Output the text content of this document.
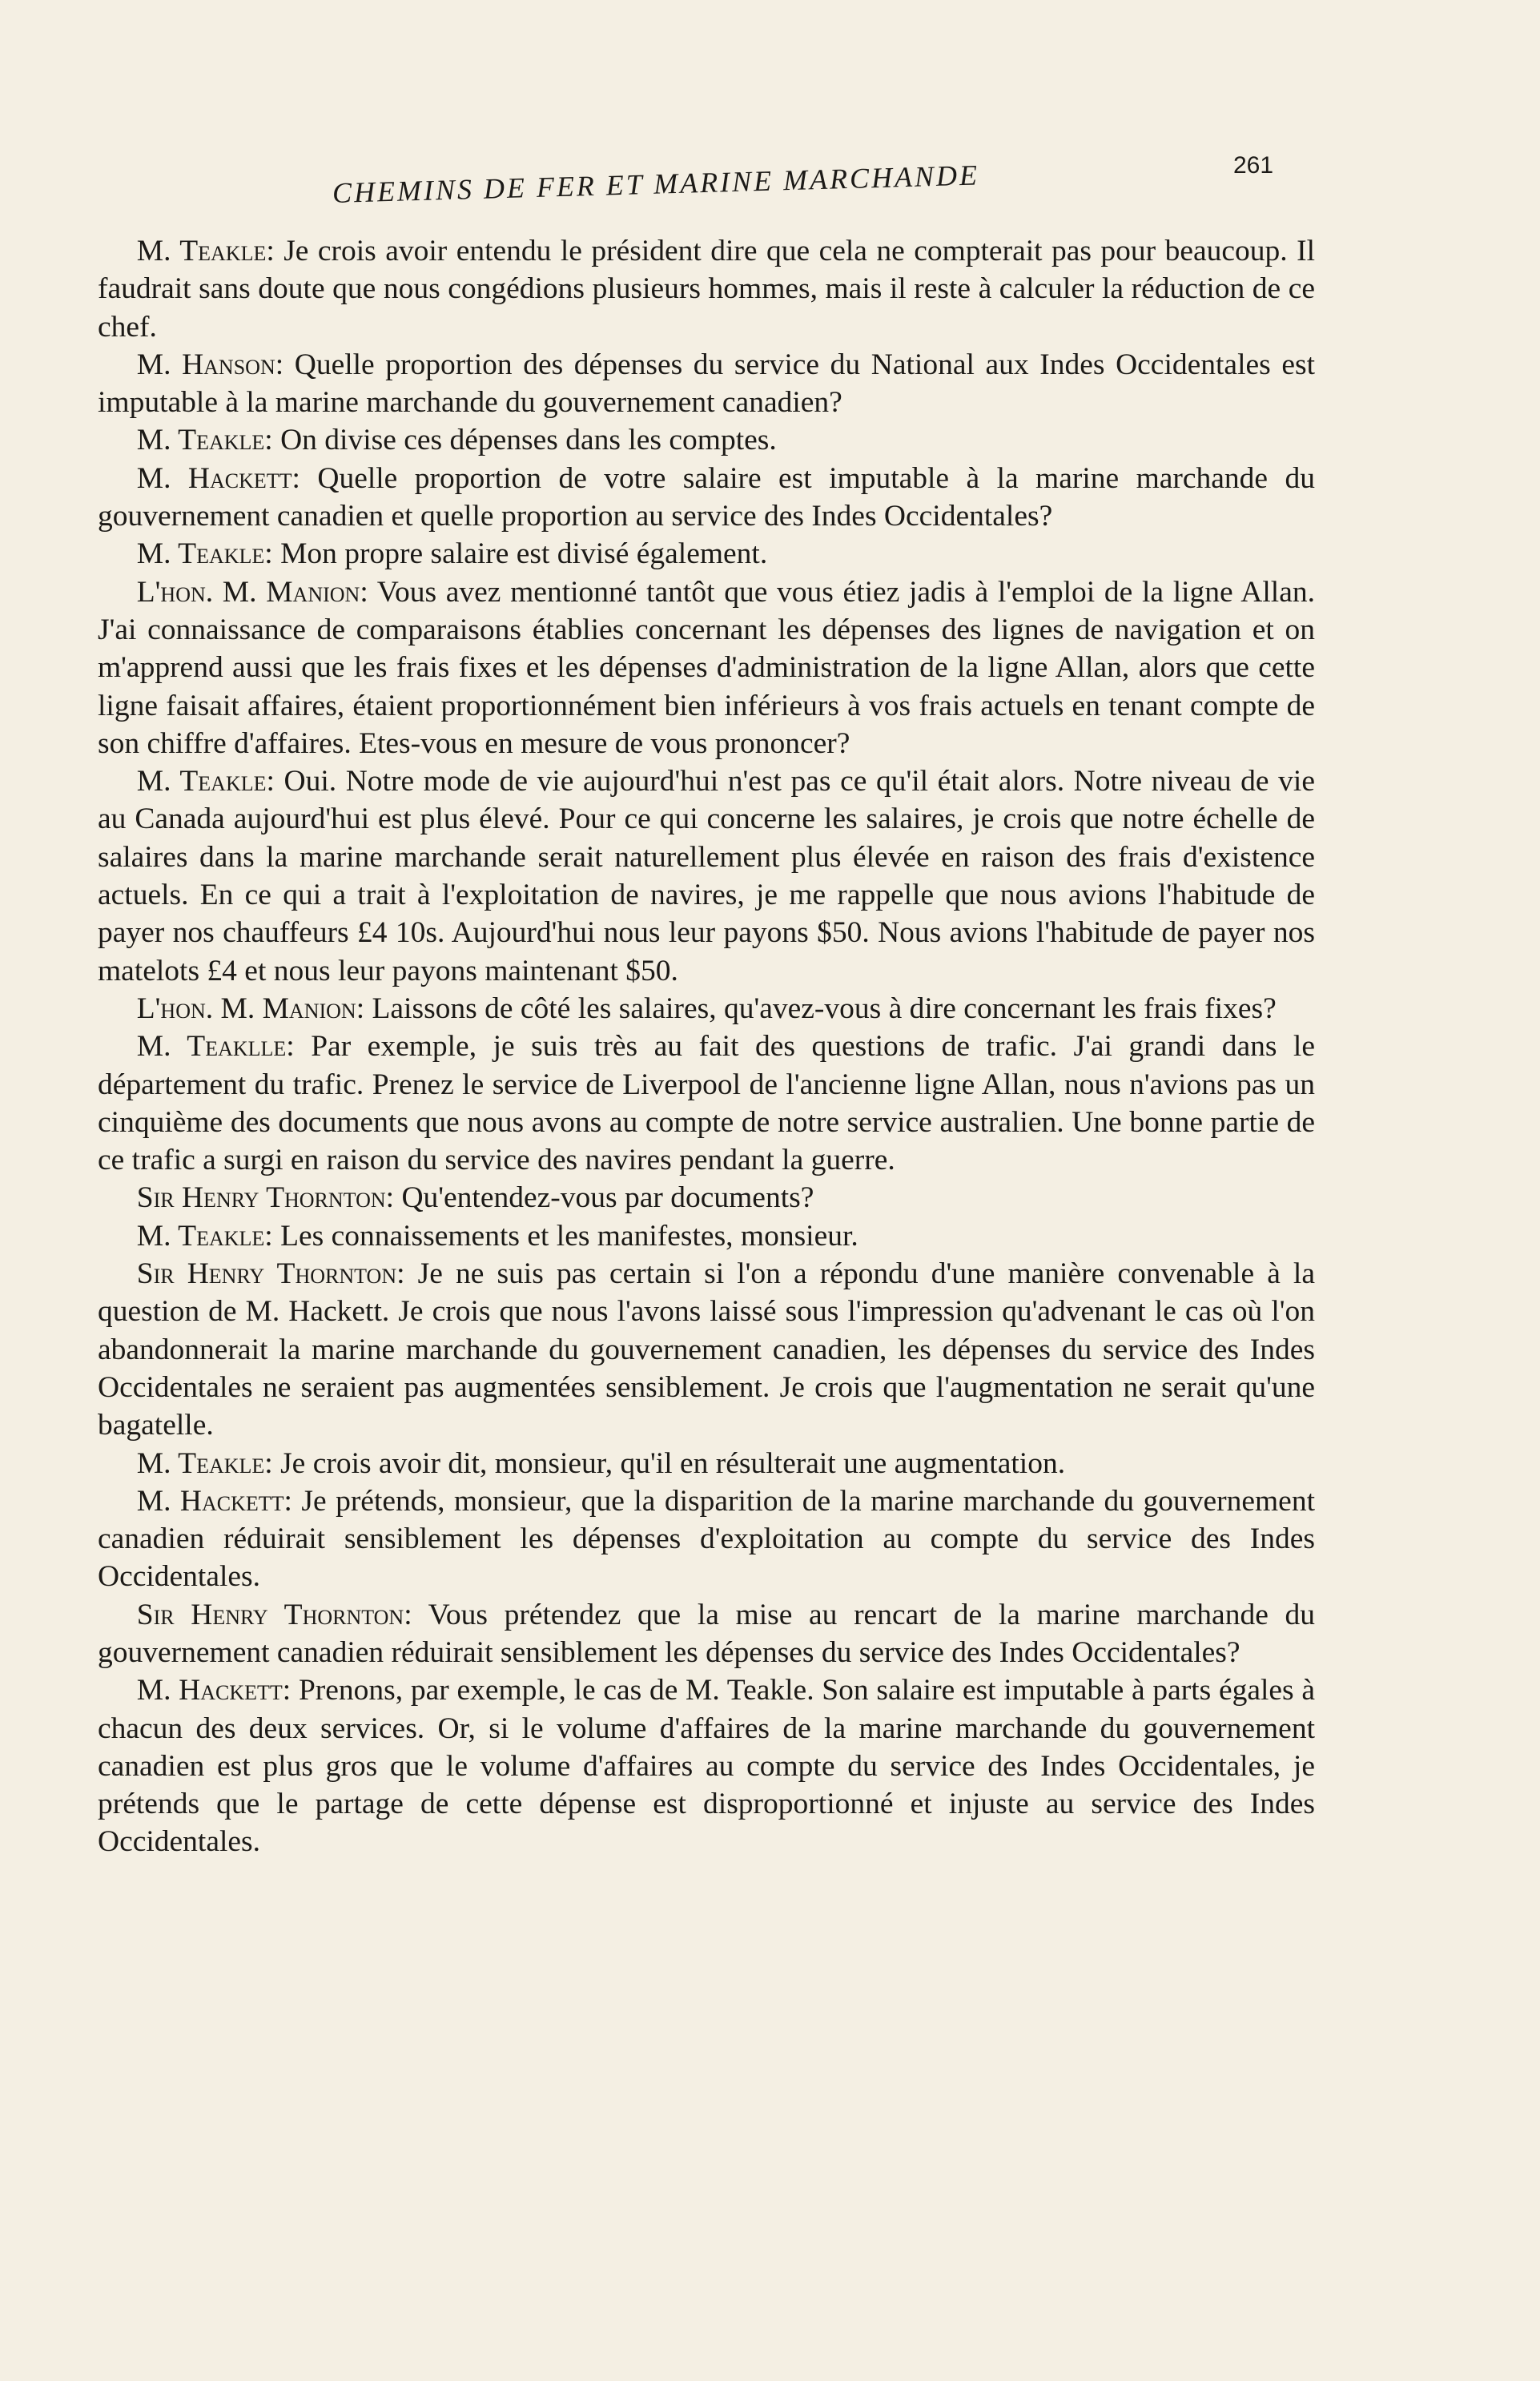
CHEMINS DE FER ET MARINE MARCHANDE	261

M. Teakle: Je crois avoir entendu le président dire que cela ne compterait pas pour beaucoup. Il faudrait sans doute que nous congédions plusieurs hommes, mais il reste à calculer la réduction de ce chef.

M. Hanson: Quelle proportion des dépenses du service du National aux Indes Occidentales est imputable à la marine marchande du gouvernement canadien?

M. Teakle: On divise ces dépenses dans les comptes.

M. Hackett: Quelle proportion de votre salaire est imputable à la marine marchande du gouvernement canadien et quelle proportion au service des Indes Occidentales?

M. Teakle: Mon propre salaire est divisé également.

L'hon. M. Manion: Vous avez mentionné tantôt que vous étiez jadis à l'emploi de la ligne Allan. J'ai connaissance de comparaisons établies concernant les dépenses des lignes de navigation et on m'apprend aussi que les frais fixes et les dépenses d'administration de la ligne Allan, alors que cette ligne faisait affaires, étaient proportionnément bien inférieurs à vos frais actuels en tenant compte de son chiffre d'affaires. Etes-vous en mesure de vous prononcer?

M. Teakle: Oui. Notre mode de vie aujourd'hui n'est pas ce qu'il était alors. Notre niveau de vie au Canada aujourd'hui est plus élevé. Pour ce qui concerne les salaires, je crois que notre échelle de salaires dans la marine marchande serait naturellement plus élevée en raison des frais d'existence actuels. En ce qui a trait à l'exploitation de navires, je me rappelle que nous avions l'habitude de payer nos chauffeurs £4 10s. Aujourd'hui nous leur payons $50. Nous avions l'habitude de payer nos matelots £4 et nous leur payons maintenant $50.

L'hon. M. Manion: Laissons de côté les salaires, qu'avez-vous à dire concernant les frais fixes?

M. Teaklle: Par exemple, je suis très au fait des questions de trafic. J'ai grandi dans le département du trafic. Prenez le service de Liverpool de l'ancienne ligne Allan, nous n'avions pas un cinquième des documents que nous avons au compte de notre service australien. Une bonne partie de ce trafic a surgi en raison du service des navires pendant la guerre.

Sir Henry Thornton: Qu'entendez-vous par documents?

M. Teakle: Les connaissements et les manifestes, monsieur.

Sir Henry Thornton: Je ne suis pas certain si l'on a répondu d'une manière convenable à la question de M. Hackett. Je crois que nous l'avons laissé sous l'impression qu'advenant le cas où l'on abandonnerait la marine marchande du gouvernement canadien, les dépenses du service des Indes Occidentales ne seraient pas augmentées sensiblement. Je crois que l'augmentation ne serait qu'une bagatelle.

M. Teakle: Je crois avoir dit, monsieur, qu'il en résulterait une augmentation.

M. Hackett: Je prétends, monsieur, que la disparition de la marine marchande du gouvernement canadien réduirait sensiblement les dépenses d'exploitation au compte du service des Indes Occidentales.

Sir Henry Thornton: Vous prétendez que la mise au rencart de la marine marchande du gouvernement canadien réduirait sensiblement les dépenses du service des Indes Occidentales?

M. Hackett: Prenons, par exemple, le cas de M. Teakle. Son salaire est imputable à parts égales à chacun des deux services. Or, si le volume d'affaires de la marine marchande du gouvernement canadien est plus gros que le volume d'affaires au compte du service des Indes Occidentales, je prétends que le partage de cette dépense est disproportionné et injuste au service des Indes Occidentales.
